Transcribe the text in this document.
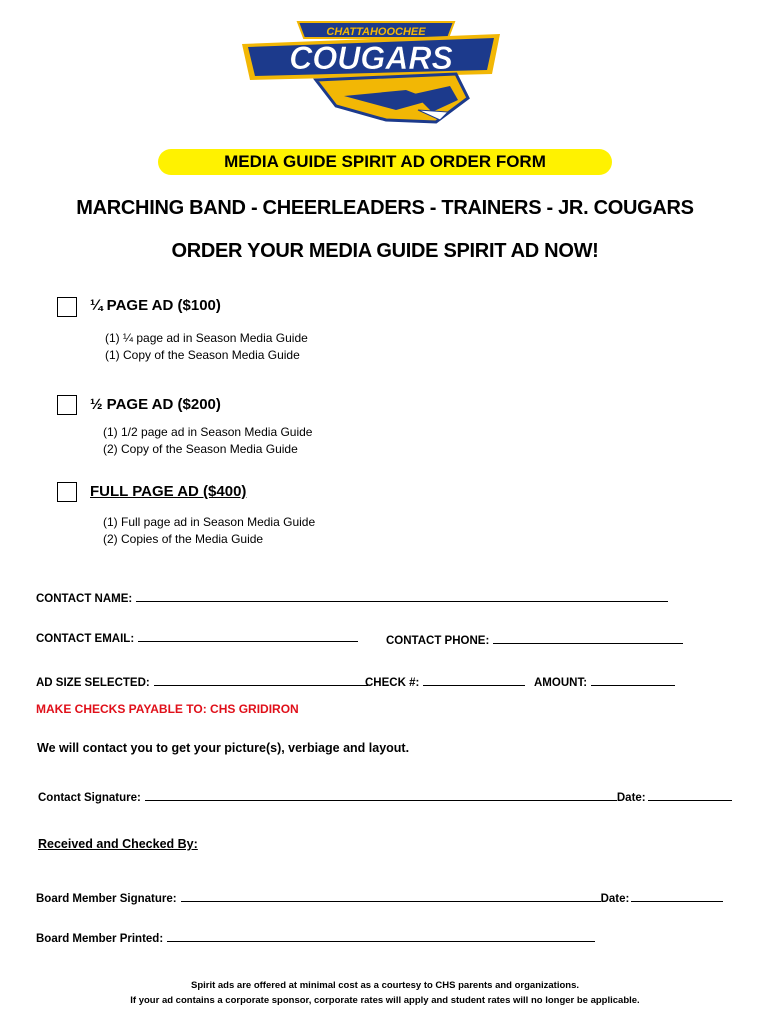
CHATTAHOOCHEE
COUGARS
MEDIA GUIDE SPIRIT AD ORDER FORM
MARCHING BAND - CHEERLEADERS - TRAINERS - JR. COUGARS
ORDER YOUR MEDIA GUIDE SPIRIT AD NOW!
¼ PAGE AD ($100)
(1) ¼ page ad in Season Media Guide
(1) Copy of the Season Media Guide
½ PAGE AD ($200)
(1) 1/2 page ad in Season Media Guide
(2) Copy of the Season Media Guide
FULL PAGE AD ($400)
(1) Full page ad in Season Media Guide
(2) Copies of the Media Guide
CONTACT NAME:
CONTACT EMAIL:	CONTACT PHONE:
AD SIZE SELECTED:	CHECK #:	AMOUNT:
MAKE CHECKS PAYABLE TO: CHS GRIDIRON
We will contact you to get your picture(s), verbiage and layout.
Contact Signature:	Date:
Received and Checked By:
Board Member Signature:	Date:
Board Member Printed:
Spirit ads are offered at minimal cost as a courtesy to CHS parents and organizations.
If your ad contains a corporate sponsor, corporate rates will apply and student rates will no longer be applicable.
